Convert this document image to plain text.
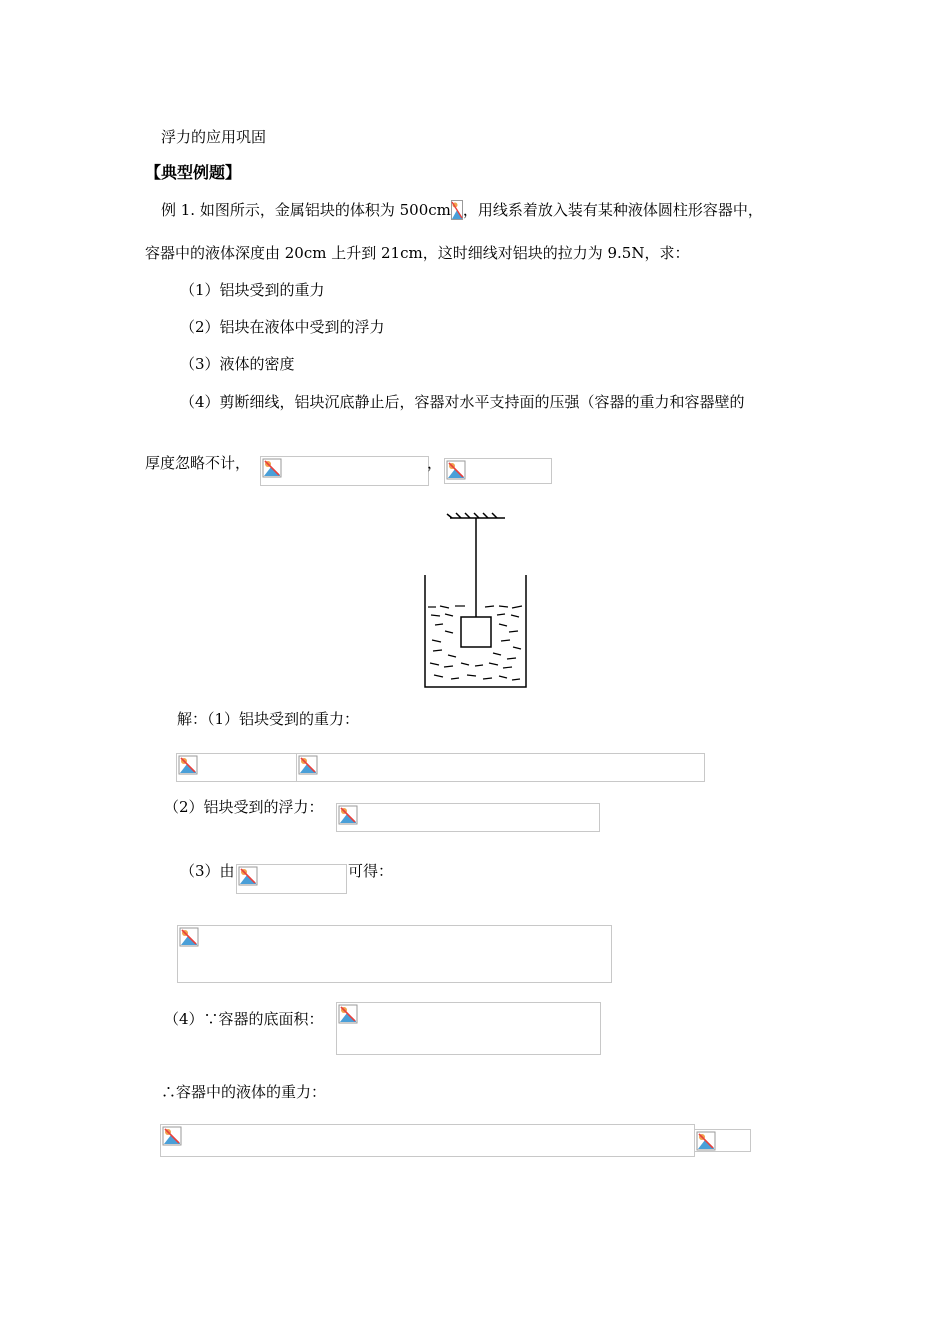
浮力的应用巩固
【典型例题】
例 1. 如图所示，金属铝块的体积为 500cm ，用线系着放入装有某种液体圆柱形容器中，
容器中的液体深度由 20cm 上升到 21cm，这时细线对铝块的拉力为 9.5N，求：
（1）铝块受到的重力
（2）铝块在液体中受到的浮力
（3）液体的密度
（4）剪断细线，铝块沉底静止后，容器对水平支持面的压强（容器的重力和容器壁的
厚度忽略不计，	，
解：（1）铝块受到的重力：
（2）铝块受到的浮力：
（3）由	可得：
（4）∵容器的底面积：
∴容器中的液体的重力：
